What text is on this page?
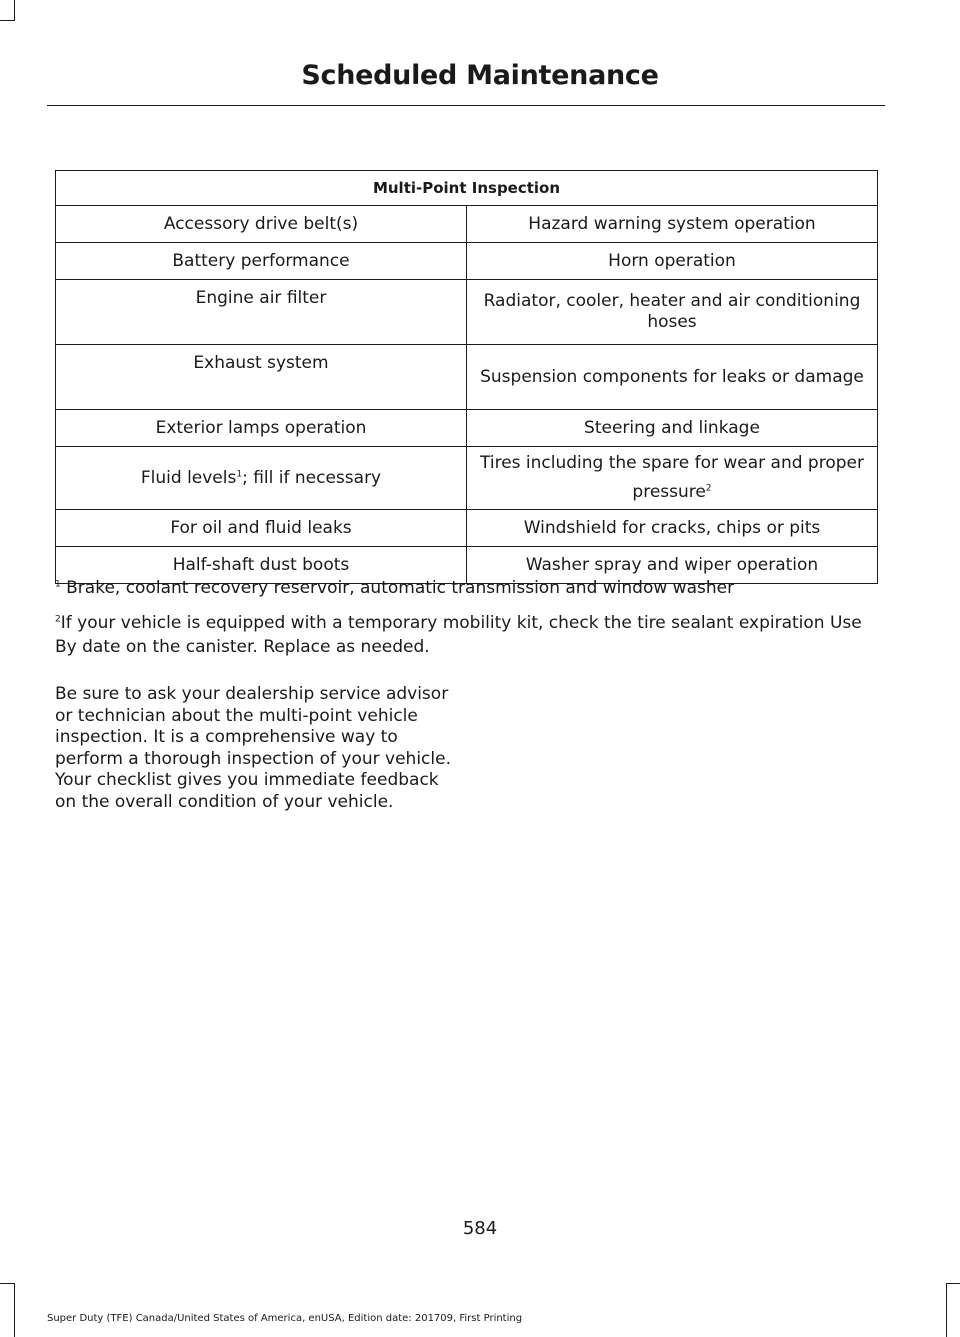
Scheduled Maintenance
Multi-Point Inspection	
Accessory drive belt(s)	Hazard warning system operation
Battery performance	Horn operation
Engine air filter	Radiator, cooler, heater and air conditioning hoses
Exhaust system	Suspension components for leaks or damage
Exterior lamps operation	Steering and linkage
Fluid levels$^1$; fill if necessary	Tires including the spare for wear and proper pressure$^2$
For oil and fluid leaks	Windshield for cracks, chips or pits
Half-shaft dust boots	Washer spray and wiper operation
$^1$ Brake, coolant recovery reservoir, automatic transmission and window washer
$^2$If your vehicle is equipped with a temporary mobility kit, check the tire sealant expiration Use By date on the canister. Replace as needed.
Be sure to ask your dealership service advisor or technician about the multi-point vehicle inspection. It is a comprehensive way to perform a thorough inspection of your vehicle. Your checklist gives you immediate feedback on the overall condition of your vehicle.
584
Super Duty (TFE) Canada/United States of America, enUSA, Edition date: 201709, First Printing
